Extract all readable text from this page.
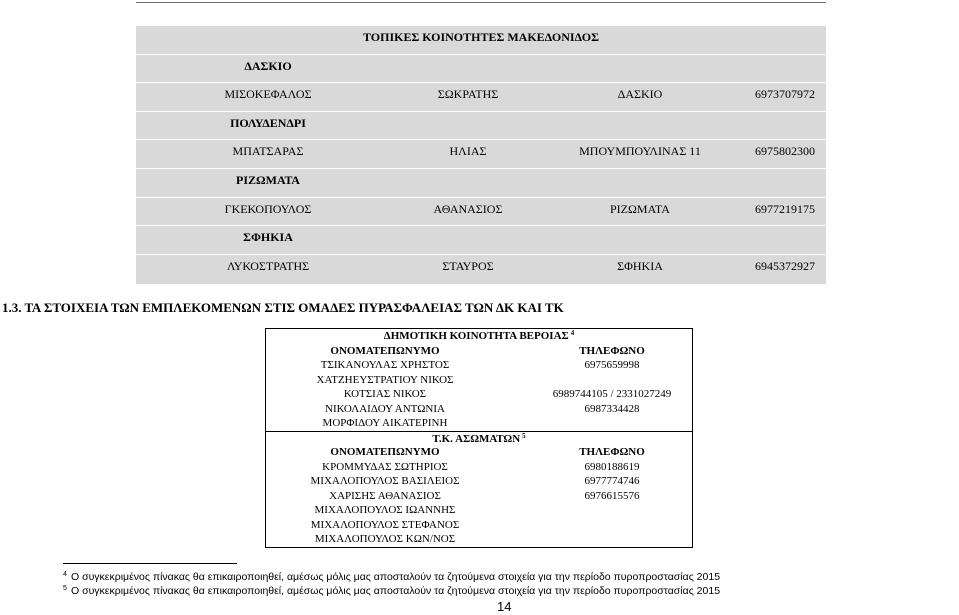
ΤΟΠΙΚΕΣ ΚΟΙΝΟΤΗΤΕΣ ΜΑΚΕΔΟΝΙΔΟΣ
ΔΑΣΚΙΟ
ΜΙΣΟΚΕΦΑΛΟΣ	ΣΩΚΡΑΤΗΣ	ΔΑΣΚΙΟ	6973707972
ΠΟΛΥΔΕΝΔΡΙ
ΜΠΑΤΣΑΡΑΣ	ΗΛΙΑΣ	ΜΠΟΥΜΠΟΥΛΙΝΑΣ 11	6975802300
ΡΙΖΩΜΑΤΑ
ΓΚΕΚΟΠΟΥΛΟΣ	ΑΘΑΝΑΣΙΟΣ	ΡΙΖΩΜΑΤΑ	6977219175
ΣΦΗΚΙΑ
ΛΥΚΟΣΤΡΑΤΗΣ	ΣΤΑΥΡΟΣ	ΣΦΗΚΙΑ	6945372927
1.3. ΤΑ ΣΤΟΙΧΕΙΑ ΤΩΝ ΕΜΠΛΕΚΟΜΕΝΩΝ ΣΤΙΣ ΟΜΑΔΕΣ ΠΥΡΑΣΦΑΛΕΙΑΣ ΤΩΝ ΔΚ ΚΑΙ ΤΚ
ΔΗΜΟΤΙΚΗ ΚΟΙΝΟΤΗΤΑ ΒΕΡΟΙΑΣ $^4$
ΟΝΟΜΑΤΕΠΩΝΥΜΟ	ΤΗΛΕΦΩΝΟ
ΤΣΙΚΑΝΟΥΛΑΣ ΧΡΗΣΤΟΣ	6975659998
ΧΑΤΖΗΕΥΣΤΡΑΤΙΟΥ ΝΙΚΟΣ
ΚΟΤΣΙΑΣ ΝΙΚΟΣ	6989744105 / 2331027249
ΝΙΚΟΛΑΙΔΟΥ ΑΝΤΩΝΙΑ	6987334428
ΜΟΡΦΙΔΟΥ ΑΙΚΑΤΕΡΙΝΗ
Τ.Κ. ΑΣΩΜΑΤΩΝ $^5$
ΟΝΟΜΑΤΕΠΩΝΥΜΟ	ΤΗΛΕΦΩΝΟ
ΚΡΟΜΜΥΔΑΣ ΣΩΤΗΡΙΟΣ	6980188619
ΜΙΧΑΛΟΠΟΥΛΟΣ ΒΑΣΙΛΕΙΟΣ	6977774746
ΧΑΡΙΣΗΣ ΑΘΑΝΑΣΙΟΣ	6976615576
ΜΙΧΑΛΟΠΟΥΛΟΣ ΙΩΑΝΝΗΣ
ΜΙΧΑΛΟΠΟΥΛΟΣ ΣΤΕΦΑΝΟΣ
ΜΙΧΑΛΟΠΟΥΛΟΣ ΚΩΝ/ΝΟΣ
4 Ο συγκεκριμένος πίνακας θα επικαιροποιηθεί, αμέσως μόλις μας αποσταλούν τα ζητούμενα στοιχεία για την περίοδο πυροπροστασίας 2015
5 Ο συγκεκριμένος πίνακας θα επικαιροποιηθεί, αμέσως μόλις μας αποσταλούν τα ζητούμενα στοιχεία για την περίοδο πυροπροστασίας 2015
14
